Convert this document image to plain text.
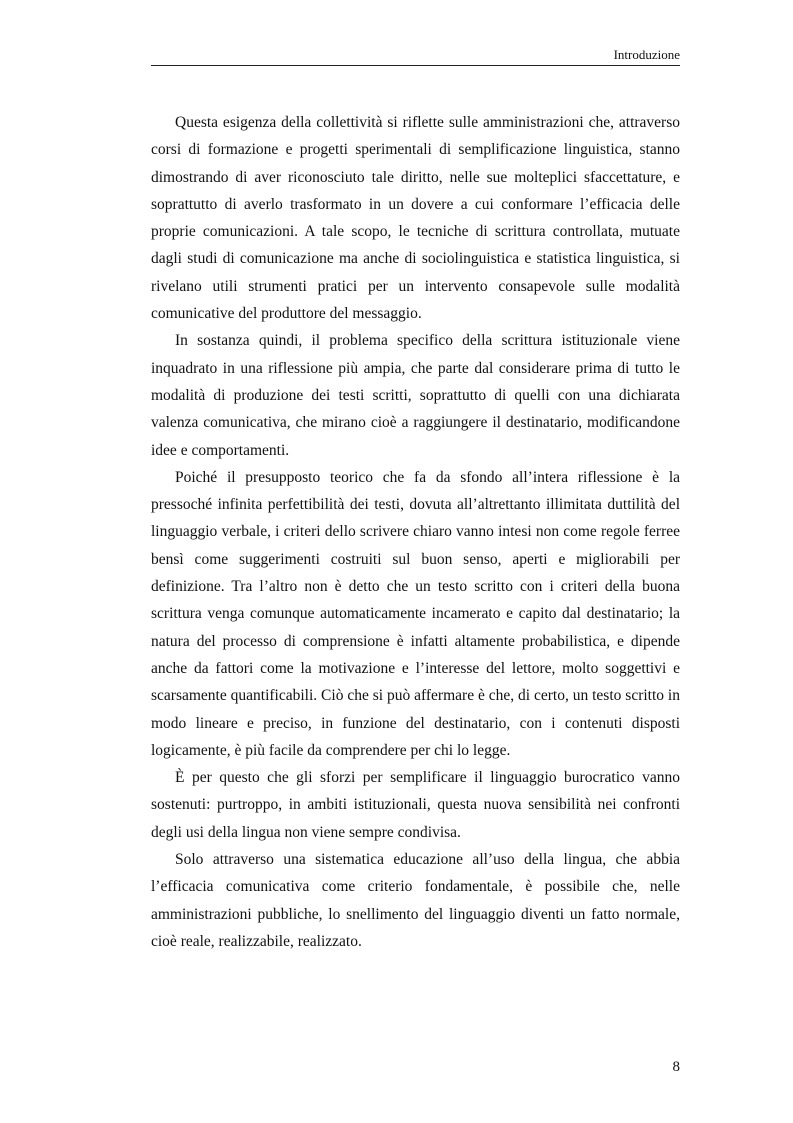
Introduzione

Questa esigenza della collettività si riflette sulle amministrazioni che, attraverso corsi di formazione e progetti sperimentali di semplificazione linguistica, stanno dimostrando di aver riconosciuto tale diritto, nelle sue molteplici sfaccettature, e soprattutto di averlo trasformato in un dovere a cui conformare l’efficacia delle proprie comunicazioni. A tale scopo, le tecniche di scrittura controllata, mutuate dagli studi di comunicazione ma anche di sociolinguistica e statistica linguistica, si rivelano utili strumenti pratici per un intervento consapevole sulle modalità comunicative del produttore del messaggio.

In sostanza quindi, il problema specifico della scrittura istituzionale viene inquadrato in una riflessione più ampia, che parte dal considerare prima di tutto le modalità di produzione dei testi scritti, soprattutto di quelli con una dichiarata valenza comunicativa, che mirano cioè a raggiungere il destinatario, modificandone idee e comportamenti.

Poiché il presupposto teorico che fa da sfondo all’intera riflessione è la pressoché infinita perfettibilità dei testi, dovuta all’altrettanto illimitata duttilità del linguaggio verbale, i criteri dello scrivere chiaro vanno intesi non come regole ferree bensì come suggerimenti costruiti sul buon senso, aperti e migliorabili per definizione. Tra l’altro non è detto che un testo scritto con i criteri della buona scrittura venga comunque automaticamente incamerato e capito dal destinatario; la natura del processo di comprensione è infatti altamente probabilistica, e dipende anche da fattori come la motivazione e l’interesse del lettore, molto soggettivi e scarsamente quantificabili. Ciò che si può affermare è che, di certo, un testo scritto in modo lineare e preciso, in funzione del destinatario, con i contenuti disposti logicamente, è più facile da comprendere per chi lo legge.

È per questo che gli sforzi per semplificare il linguaggio burocratico vanno sostenuti: purtroppo, in ambiti istituzionali, questa nuova sensibilità nei confronti degli usi della lingua non viene sempre condivisa.

Solo attraverso una sistematica educazione all’uso della lingua, che abbia l’efficacia comunicativa come criterio fondamentale, è possibile che, nelle amministrazioni pubbliche, lo snellimento del linguaggio diventi un fatto normale, cioè reale, realizzabile, realizzato.

8
